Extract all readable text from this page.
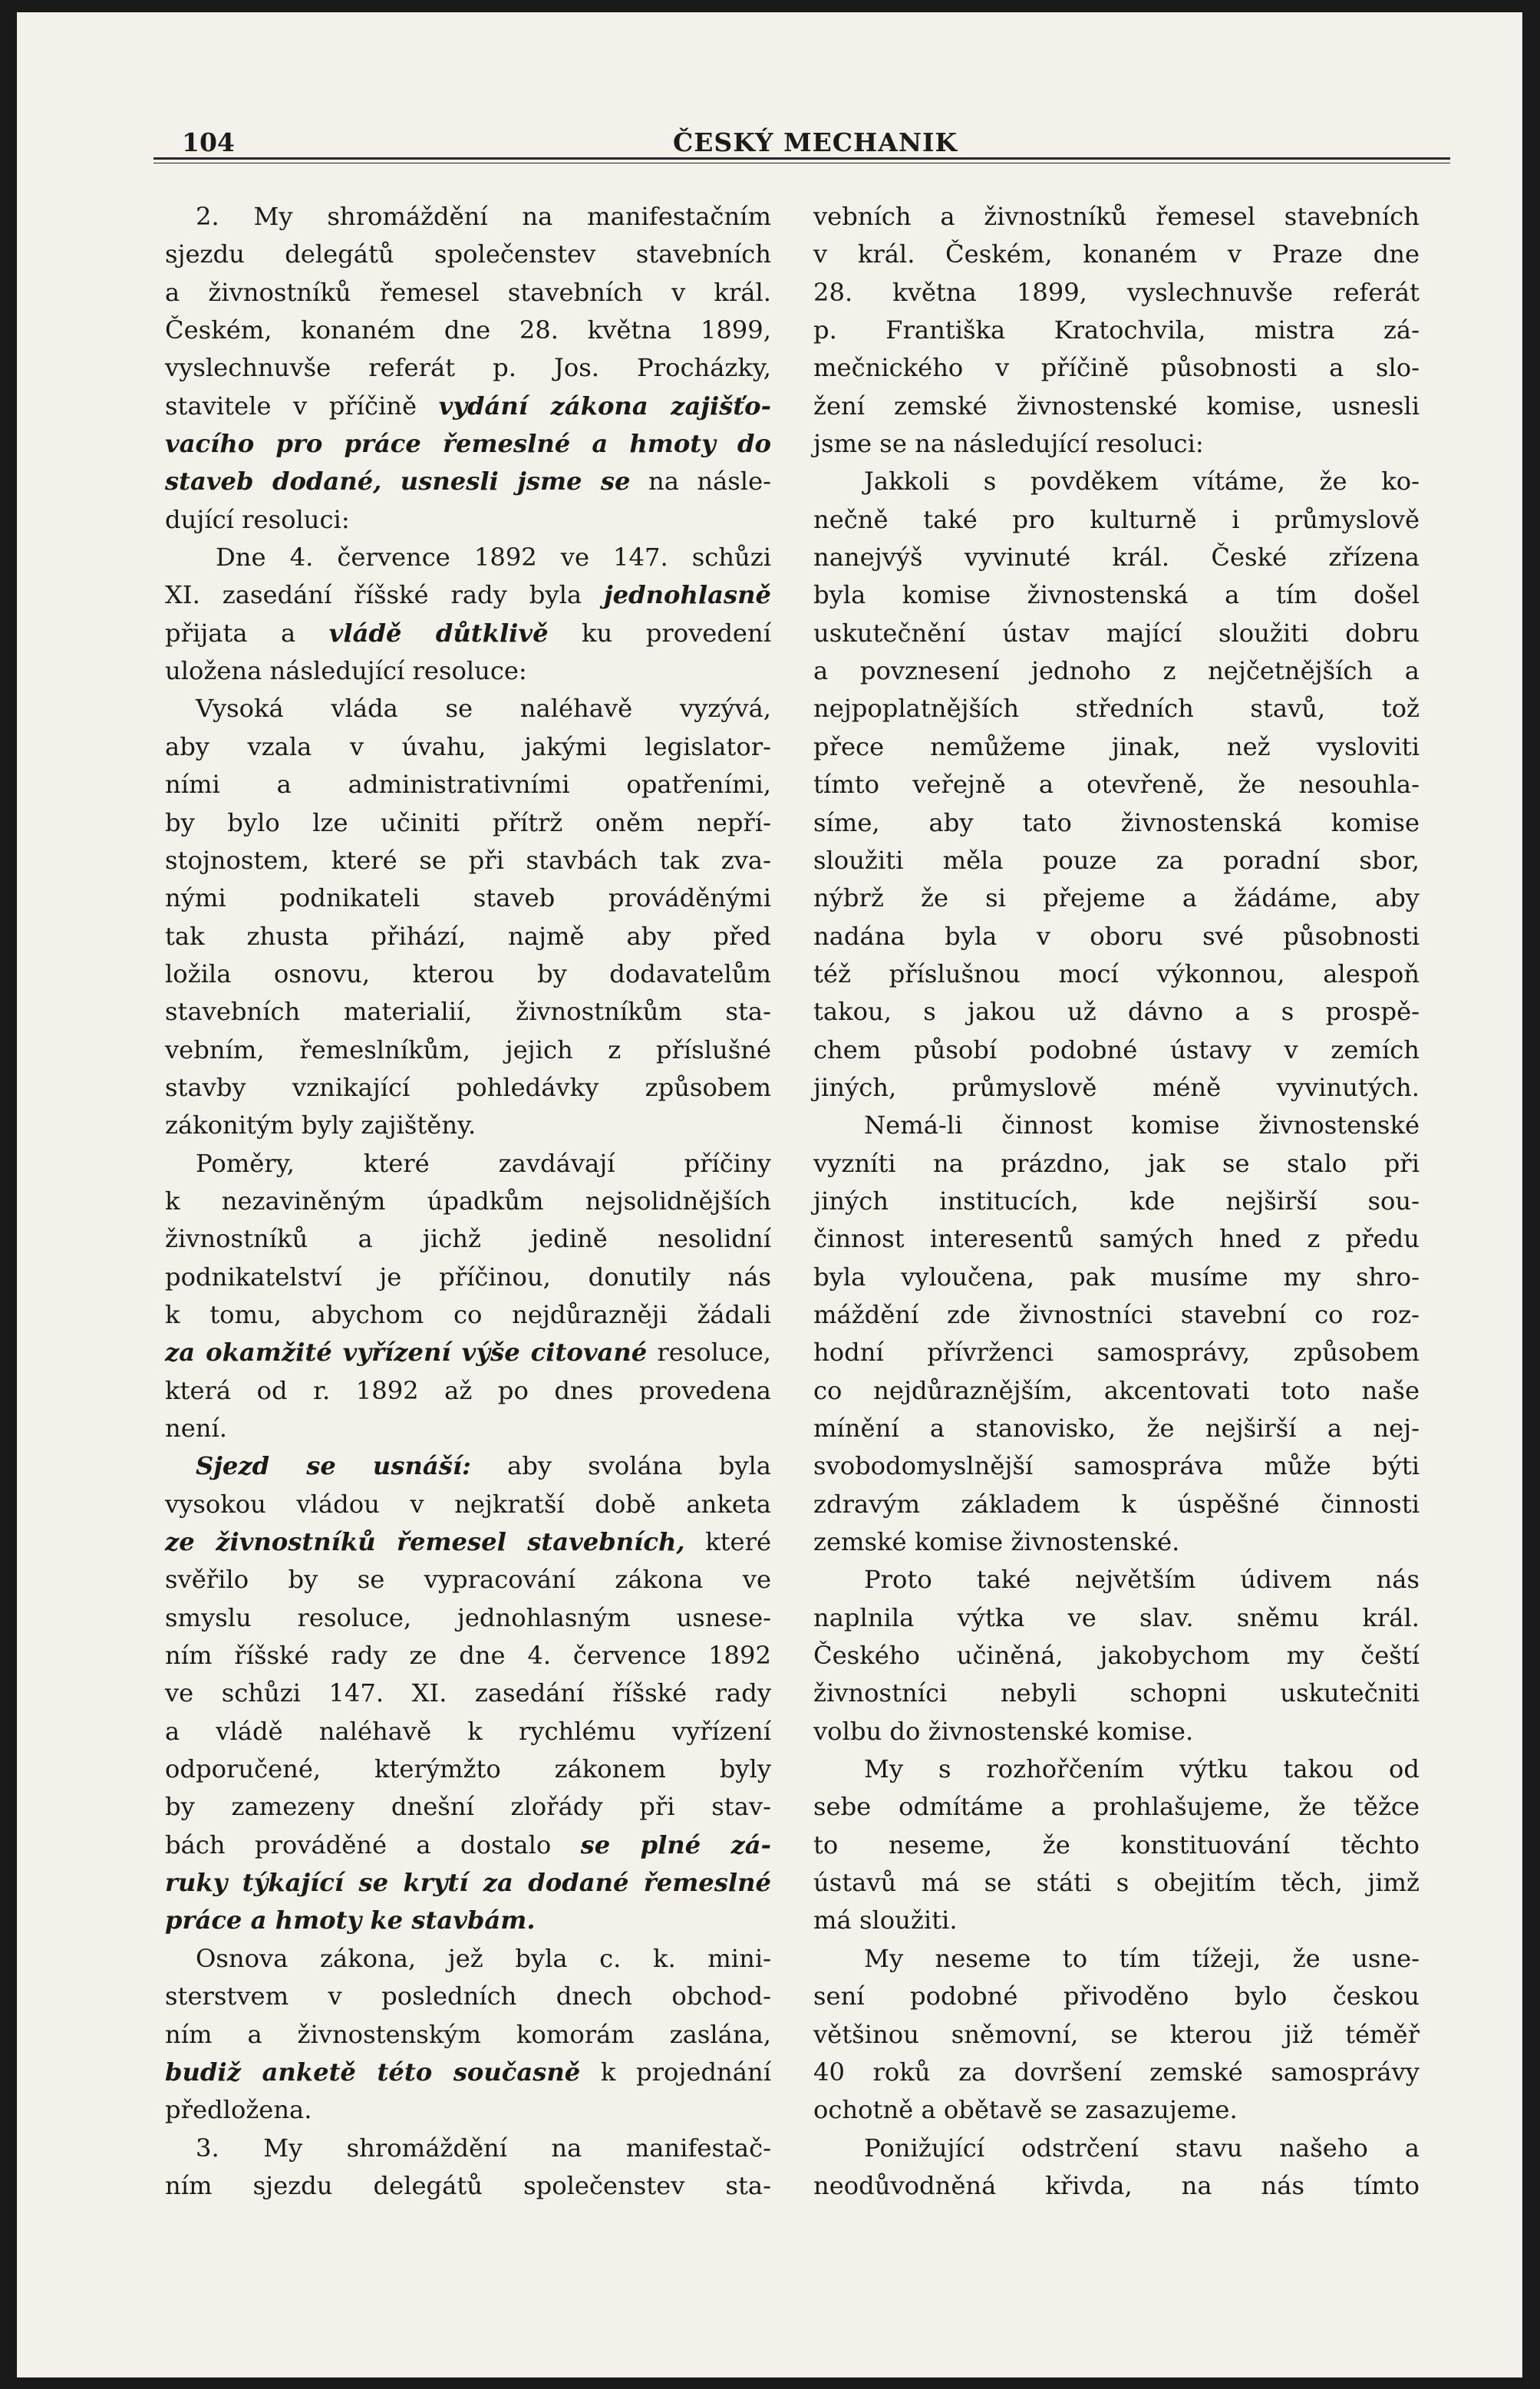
104	ČESKÝ MECHANIK
2. My shromáždění na manifestačním
sjezdu delegátů společenstev stavebních
a živnostníků řemesel stavebních v král.
Českém, konaném dne 28. května 1899,
vyslechnuvše referát p. Jos. Procházky,
stavitele v příčině vydání zákona zajišťo-
vacího pro práce řemeslné a hmoty do
staveb dodané, usnesli jsme se na násle-
dující resoluci:
Dne 4. července 1892 ve 147. schůzi
XI. zasedání říšské rady byla jednohlasně
přijata a vládě důtklivě ku provedení
uložena následující resoluce:
Vysoká vláda se naléhavě vyzývá,
aby vzala v úvahu, jakými legislator-
ními a administrativními opatřeními,
by bylo lze učiniti přítrž oněm nepří-
stojnostem, které se při stavbách tak zva-
nými podnikateli staveb prováděnými
tak zhusta přihází, najmě aby před
ložila osnovu, kterou by dodavatelům
stavebních materialií, živnostníkům sta-
vebním, řemeslníkům, jejich z příslušné
stavby vznikající pohledávky způsobem
zákonitým byly zajištěny.
Poměry, které zavdávají příčiny
k nezaviněným úpadkům nejsolidnějších
živnostníků a jichž jedině nesolidní
podnikatelství je příčinou, donutily nás
k tomu, abychom co nejdůrazněji žádali
za okamžité vyřízení výše citované resoluce,
která od r. 1892 až po dnes provedena
není.
Sjezd se usnáší: aby svolána byla
vysokou vládou v nejkratší době anketa
ze živnostníků řemesel stavebních, které
svěřilo by se vypracování zákona ve
smyslu resoluce, jednohlasným usnese-
ním říšské rady ze dne 4. července 1892
ve schůzi 147. XI. zasedání říšské rady
a vládě naléhavě k rychlému vyřízení
odporučené, kterýmžto zákonem byly
by zamezeny dnešní zlořády při stav-
bách prováděné a dostalo se plné zá-
ruky týkající se krytí za dodané řemeslné
práce a hmoty ke stavbám.
Osnova zákona, jež byla c. k. mini-
sterstvem v posledních dnech obchod-
ním a živnostenským komorám zaslána,
budiž anketě této současně k projednání
předložena.
3. My shromáždění na manifestač-
ním sjezdu delegátů společenstev sta-
vebních a živnostníků řemesel stavebních
v král. Českém, konaném v Praze dne
28. května 1899, vyslechnuvše referát
p. Františka Kratochvila, mistra zá-
mečnického v příčině působnosti a slo-
žení zemské živnostenské komise, usnesli
jsme se na následující resoluci:
Jakkoli s povděkem vítáme, že ko-
nečně také pro kulturně i průmyslově
nanejvýš vyvinuté král. České zřízena
byla komise živnostenská a tím došel
uskutečnění ústav mající sloužiti dobru
a povznesení jednoho z nejčetnějších a
nejpoplatnějších středních stavů, tož
přece nemůžeme jinak, než vysloviti
tímto veřejně a otevřeně, že nesouhla-
síme, aby tato živnostenská komise
sloužiti měla pouze za poradní sbor,
nýbrž že si přejeme a žádáme, aby
nadána byla v oboru své působnosti
též příslušnou mocí výkonnou, alespoň
takou, s jakou už dávno a s prospě-
chem působí podobné ústavy v zemích
jiných, průmyslově méně vyvinutých.
Nemá-li činnost komise živnostenské
vyzníti na prázdno, jak se stalo při
jiných institucích, kde nejširší sou-
činnost interesentů samých hned z předu
byla vyloučena, pak musíme my shro-
máždění zde živnostníci stavební co roz-
hodní přívrženci samosprávy, způsobem
co nejdůraznějším, akcentovati toto naše
mínění a stanovisko, že nejširší a nej-
svobodomyslnější samospráva může býti
zdravým základem k úspěšné činnosti
zemské komise živnostenské.
Proto také největším údivem nás
naplnila výtka ve slav. sněmu král.
Českého učiněná, jakobychom my čeští
živnostníci nebyli schopni uskutečniti
volbu do živnostenské komise.
My s rozhořčením výtku takou od
sebe odmítáme a prohlašujeme, že těžce
to neseme, že konstituování těchto
ústavů má se státi s obejitím těch, jimž
má sloužiti.
My neseme to tím tížeji, že usne-
sení podobné přivoděno bylo českou
většinou sněmovní, se kterou již téměř
40 roků za dovršení zemské samosprávy
ochotně a obětavě se zasazujeme.
Ponižující odstrčení stavu našeho a
neodůvodněná křivda, na nás tímto
